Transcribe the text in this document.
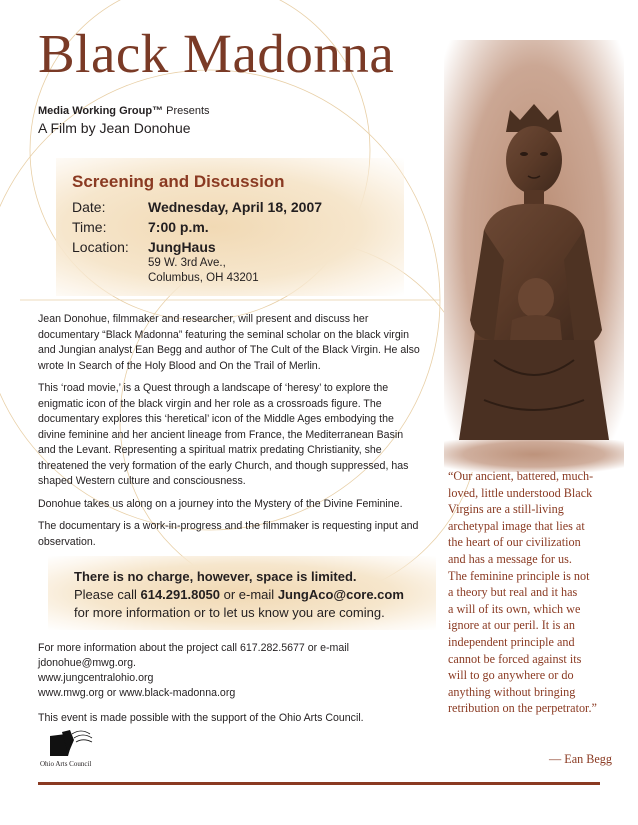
Black Madonna
Media Working Group™ Presents
A Film by Jean Donohue
Screening and Discussion
Date:	Wednesday, April 18, 2007
Time:	7:00 p.m.
Location: JungHaus
59 W. 3rd Ave.,
Columbus, OH 43201

Jean Donohue, filmmaker and researcher, will present and discuss her documentary “Black Madonna” featuring the seminal scholar on the black virgin and Jungian analyst Ean Begg and author of The Cult of the Black Virgin. He also wrote In Search of the Holy Blood and On the Trail of Merlin.

This ‘road movie,’ is a Quest through a landscape of ‘heresy’ to explore the enigmatic icon of the black virgin and her role as a crossroads figure. The documentary explores this ‘heretical’ icon of the Middle Ages embodying the divine feminine and her ancient lineage from France, the Mediterranean Basin and the Levant. Representing a spiritual matrix predating Christianity, she threatened the very formation of the early Church, and though suppressed, has shaped Western culture and consciousness.

Donohue takes us along on a journey into the Mystery of the Divine Feminine.

The documentary is a work-in-progress and the filmmaker is requesting input and observation.

There is no charge, however, space is limited.
Please call 614.291.8050 or e-mail JungAco@core.com
for more information or to let us know you are coming.
For more information about the project call 617.282.5677 or e-mail
jdonohue@mwg.org.
www.jungcentralohio.org
www.mwg.org or www.black-madonna.org
This event is made possible with the support of the Ohio Arts Council.
Ohio Arts Council
“Our ancient, battered, much-
loved, little understood Black
Virgins are a still-living
archetypal image that lies at
the heart of our civilization
and has a message for us.
The feminine principle is not
a theory but real and it has
a will of its own, which we
ignore at our peril. It is an
independent principle and
cannot be forced against its
will to go anywhere or do
anything without bringing
retribution on the perpetrator.”
— Ean Begg
